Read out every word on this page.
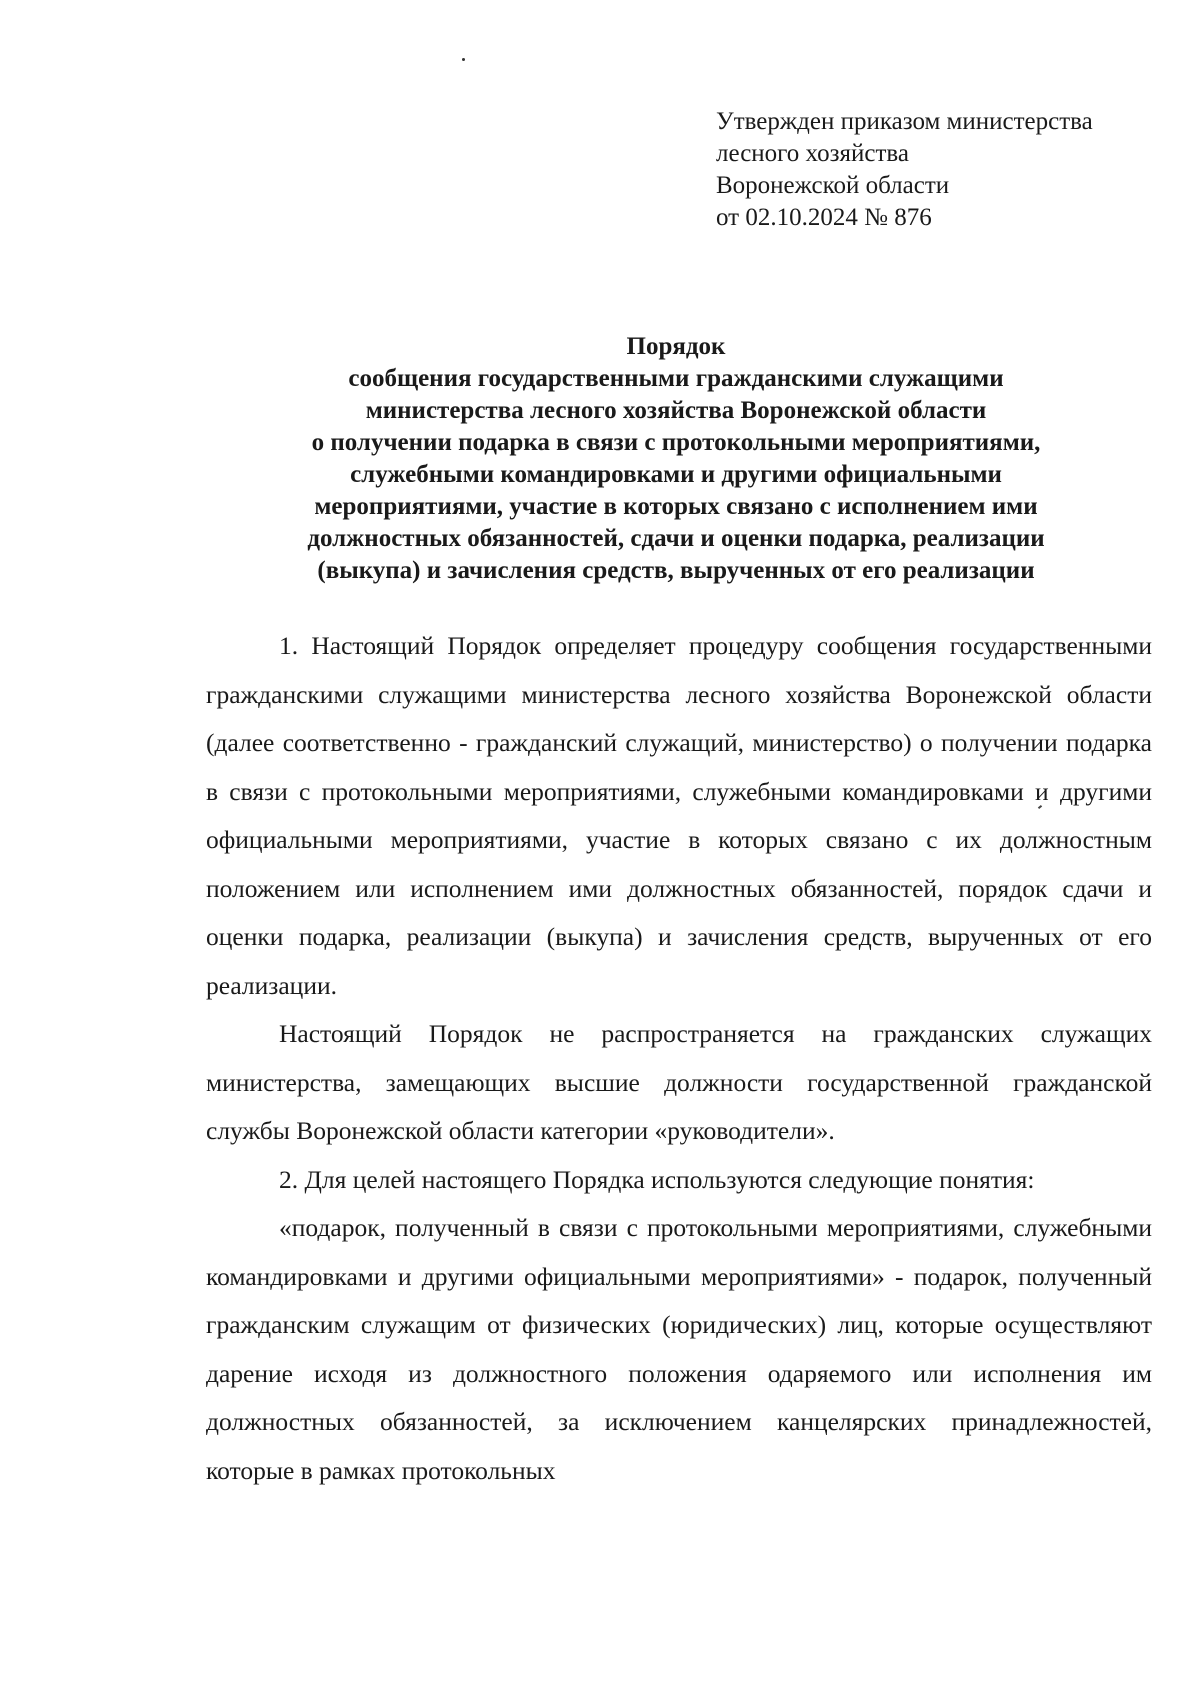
Утвержден приказом министерства
лесного хозяйства
Воронежской области
от 02.10.2024 № 876
Порядок
сообщения государственными гражданскими служащими
министерства лесного хозяйства Воронежской области
о получении подарка в связи с протокольными мероприятиями,
служебными командировками и другими официальными
мероприятиями, участие в которых связано с исполнением ими
должностных обязанностей, сдачи и оценки подарка, реализации
(выкупа) и зачисления средств, вырученных от его реализации

1. Настоящий Порядок определяет процедуру сообщения государственными гражданскими служащими министерства лесного хозяйства Воронежской области (далее соответственно - гражданский служащий, министерство) о получении подарка в связи с протокольными мероприятиями, служебными командировками и другими официальными мероприятиями, участие в которых связано с их должностным положением или исполнением ими должностных обязанностей, порядок сдачи и оценки подарка, реализации (выкупа) и зачисления средств, вырученных от его реализации.

Настоящий Порядок не распространяется на гражданских служащих министерства, замещающих высшие должности государственной гражданской службы Воронежской области категории «руководители».

2. Для целей настоящего Порядка используются следующие понятия:

«подарок, полученный в связи с протокольными мероприятиями, служебными командировками и другими официальными мероприятиями» - подарок, полученный гражданским служащим от физических (юридических) лиц, которые осуществляют дарение исходя из должностного положения одаряемого или исполнения им должностных обязанностей, за исключением канцелярских принадлежностей, которые в рамках протокольных
